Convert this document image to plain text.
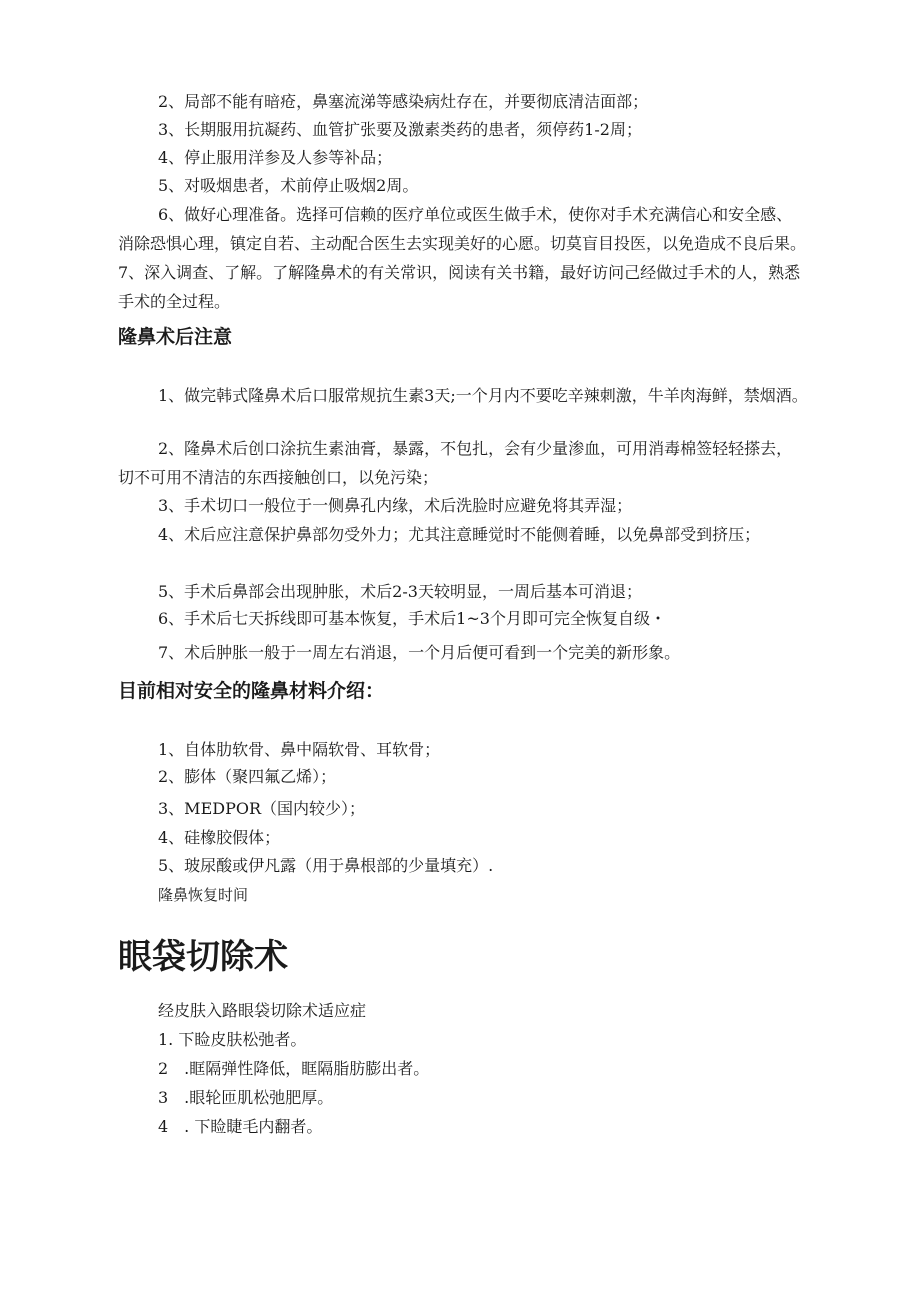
2、局部不能有暗疮，鼻塞流涕等感染病灶存在，并要彻底清洁面部；

3、长期服用抗凝药、血管扩张要及激素类药的患者，须停药1-2周；

4、停止服用洋参及人参等补品；

5、对吸烟患者，术前停止吸烟2周。

6、做好心理准备。选择可信赖的医疗单位或医生做手术，使你对手术充满信心和安全感、消除恐惧心理，镇定自若、主动配合医生去实现美好的心愿。切莫盲目投医，以免造成不良后果。7、深入调查、了解。了解隆鼻术的有关常识，阅读有关书籍，最好访问己经做过手术的人，熟悉手术的全过程。

隆鼻术后注意

1、做完韩式隆鼻术后口服常规抗生素3天;一个月内不要吃辛辣刺激，牛羊肉海鲜，禁烟酒。

2、隆鼻术后创口涂抗生素油膏，暴露，不包扎，会有少量渗血，可用消毒棉签轻轻搽去，切不可用不清洁的东西接触创口，以免污染；

3、手术切口一般位于一侧鼻孔内缘，术后洗脸时应避免将其弄湿；

4、术后应注意保护鼻部勿受外力；尤其注意睡觉时不能侧着睡，以免鼻部受到挤压；

5、手术后鼻部会出现肿胀，术后2-3天较明显，一周后基本可消退；

6、手术后七天拆线即可基本恢复，手术后1~3个月即可完全恢复自级・

7、术后肿胀一般于一周左右消退，一个月后便可看到一个完美的新形象。

目前相对安全的隆鼻材料介绍：

1、自体肋软骨、鼻中隔软骨、耳软骨；

2、膨体（聚四氟乙烯）；

3、MEDPOR（国内较少）；

4、硅橡胶假体；

5、玻尿酸或伊凡露（用于鼻根部的少量填充）.

隆鼻恢复时间

眼袋切除术

经皮肤入路眼袋切除术适应症

1. 下睑皮肤松弛者。

2　.眶隔弹性降低，眶隔脂肪膨出者。

3　.眼轮匝肌松弛肥厚。

4　. 下睑睫毛内翻者。
